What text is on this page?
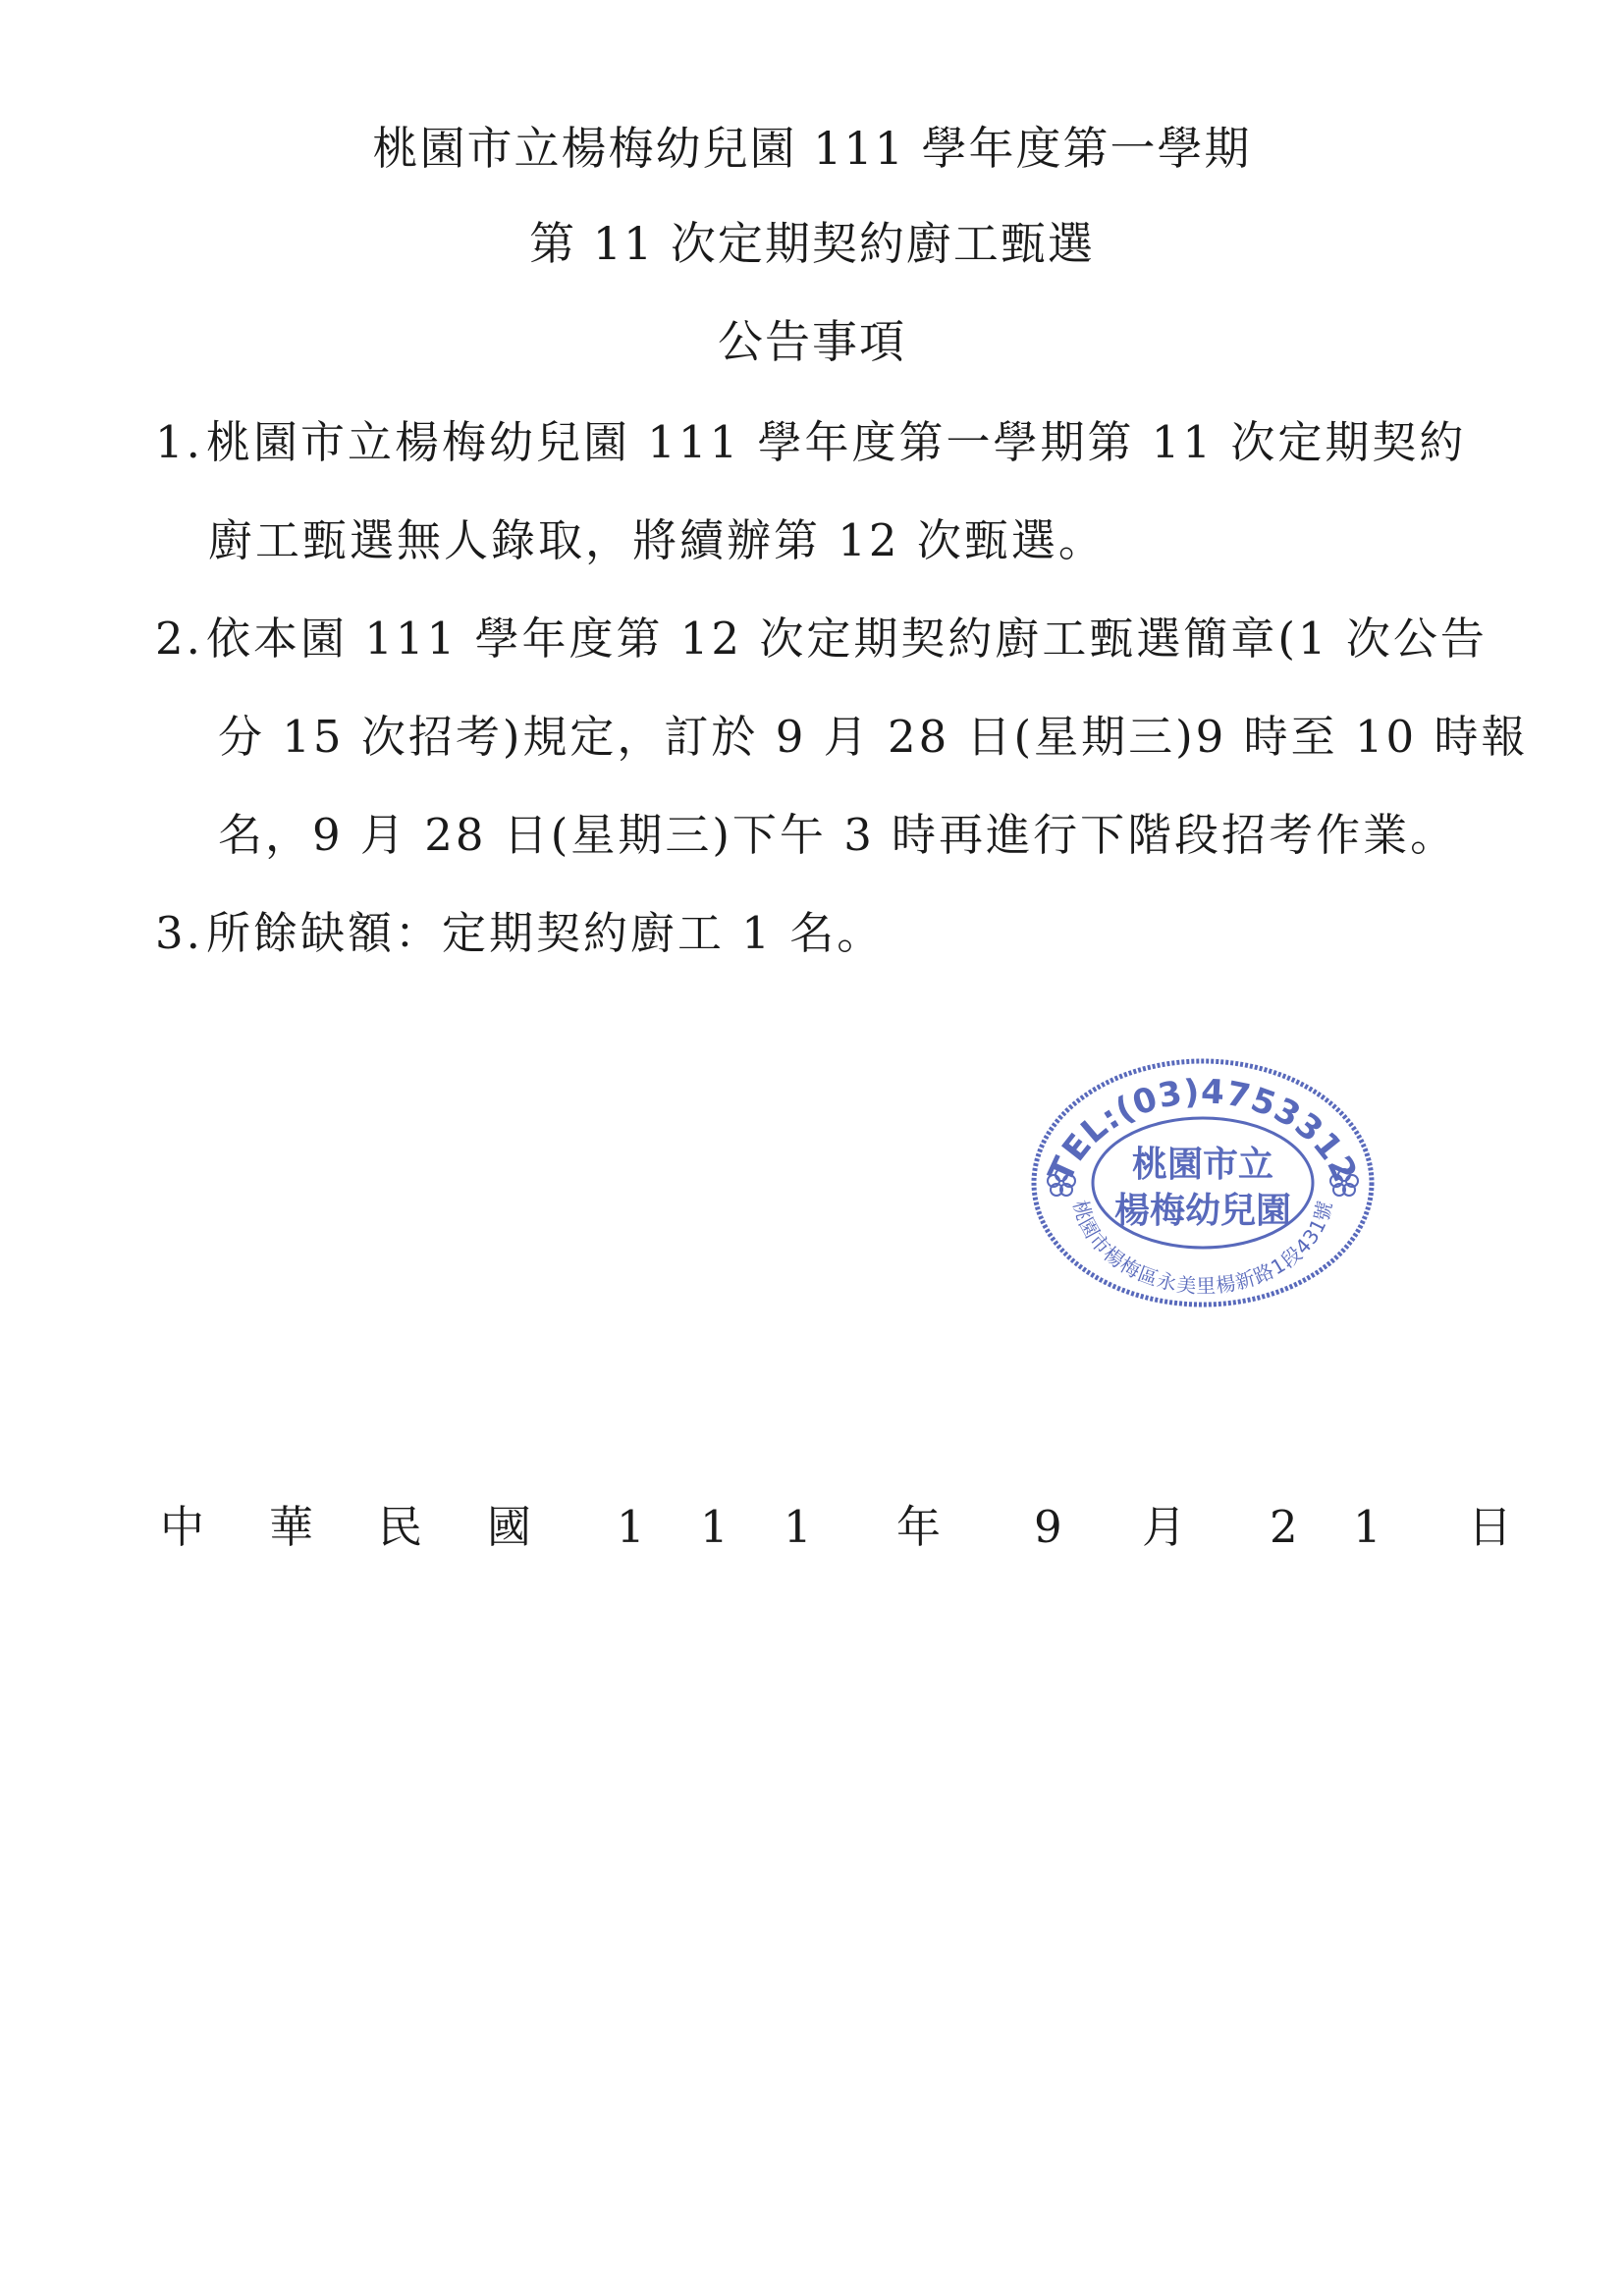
桃園市立楊梅幼兒園 111 學年度第一學期
第 11 次定期契約廚工甄選
公告事項
1.桃園市立楊梅幼兒園 111 學年度第一學期第 11 次定期契約
廚工甄選無人錄取，將續辦第 12 次甄選。
2.依本園 111 學年度第 12 次定期契約廚工甄選簡章(1 次公告
分 15 次招考)規定，訂於 9 月 28 日(星期三)9 時至 10 時報
名，9 月 28 日(星期三)下午 3 時再進行下階段招考作業。
3.所餘缺額：定期契約廚工 1 名。
TEL:(03)4753312
桃園市楊梅區永美里楊新路1段431號
桃園市立
楊梅幼兒園
中 華 民 國 1 1 1 年 9 月 2 1 日
